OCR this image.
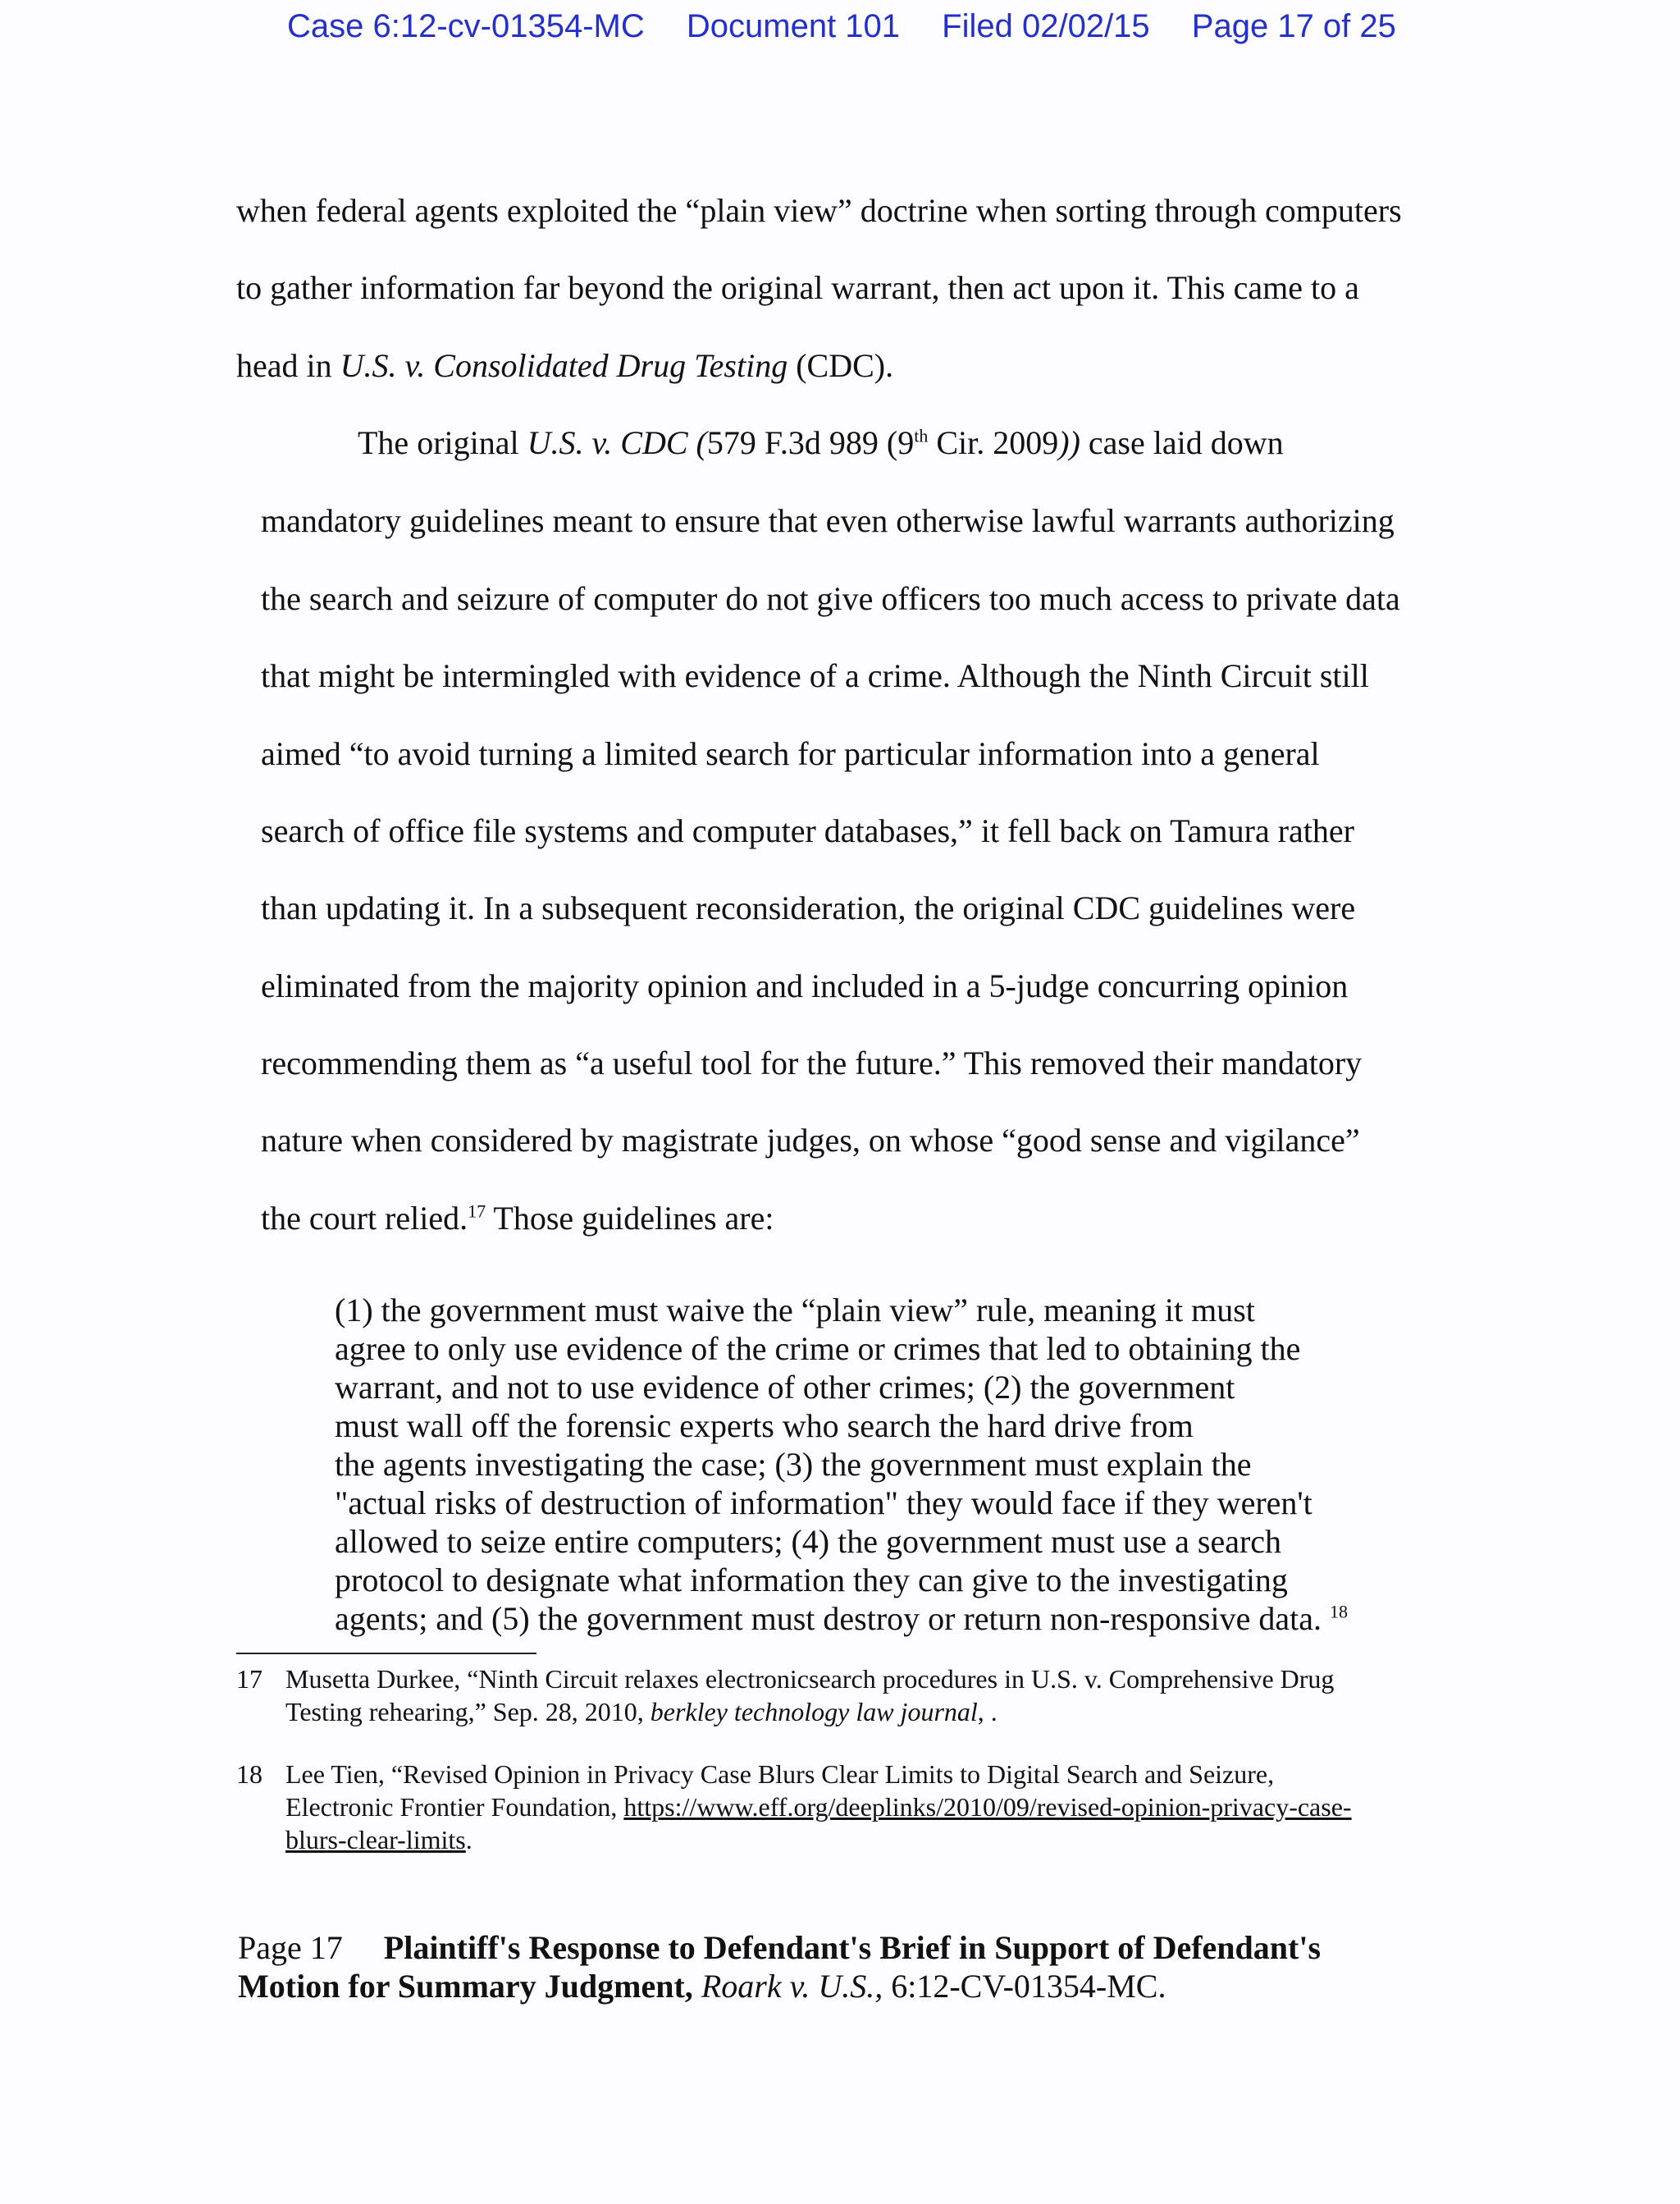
Case 6:12-cv-01354-MC Document 101 Filed 02/02/15 Page 17 of 25
when federal agents exploited the “plain view” doctrine when sorting through computers
to gather information far beyond the original warrant, then act upon it. This came to a
head in U.S. v. Consolidated Drug Testing (CDC).
The original U.S. v. CDC (579 F.3d 989 (9th Cir. 2009)) case laid down
mandatory guidelines meant to ensure that even otherwise lawful warrants authorizing
the search and seizure of computer do not give officers too much access to private data
that might be intermingled with evidence of a crime. Although the Ninth Circuit still
aimed “to avoid turning a limited search for particular information into a general
search of office file systems and computer databases,” it fell back on Tamura rather
than updating it. In a subsequent reconsideration, the original CDC guidelines were
eliminated from the majority opinion and included in a 5-judge concurring opinion
recommending them as “a useful tool for the future.” This removed their mandatory
nature when considered by magistrate judges, on whose “good sense and vigilance”
the court relied.$^{17}$ Those guidelines are:
(1) the government must waive the “plain view” rule, meaning it must
agree to only use evidence of the crime or crimes that led to obtaining the
warrant, and not to use evidence of other crimes; (2) the government
must wall off the forensic experts who search the hard drive from
the agents investigating the case; (3) the government must explain the
"actual risks of destruction of information" they would face if they weren't
allowed to seize entire computers; (4) the government must use a search
protocol to designate what information they can give to the investigating
agents; and (5) the government must destroy or return non-responsive data. $^{18}$
17 Musetta Durkee, “Ninth Circuit relaxes electronicsearch procedures in U.S. v. Comprehensive Drug
Testing rehearing,” Sep. 28, 2010, berkley technology law journal, .
18 Lee Tien, “Revised Opinion in Privacy Case Blurs Clear Limits to Digital Search and Seizure,
Electronic Frontier Foundation, https://www.eff.org/deeplinks/2010/09/revised-opinion-privacy-case-
blurs-clear-limits.
Page 17 Plaintiff's Response to Defendant's Brief in Support of Defendant's
Motion for Summary Judgment, Roark v. U.S., 6:12-CV-01354-MC.
